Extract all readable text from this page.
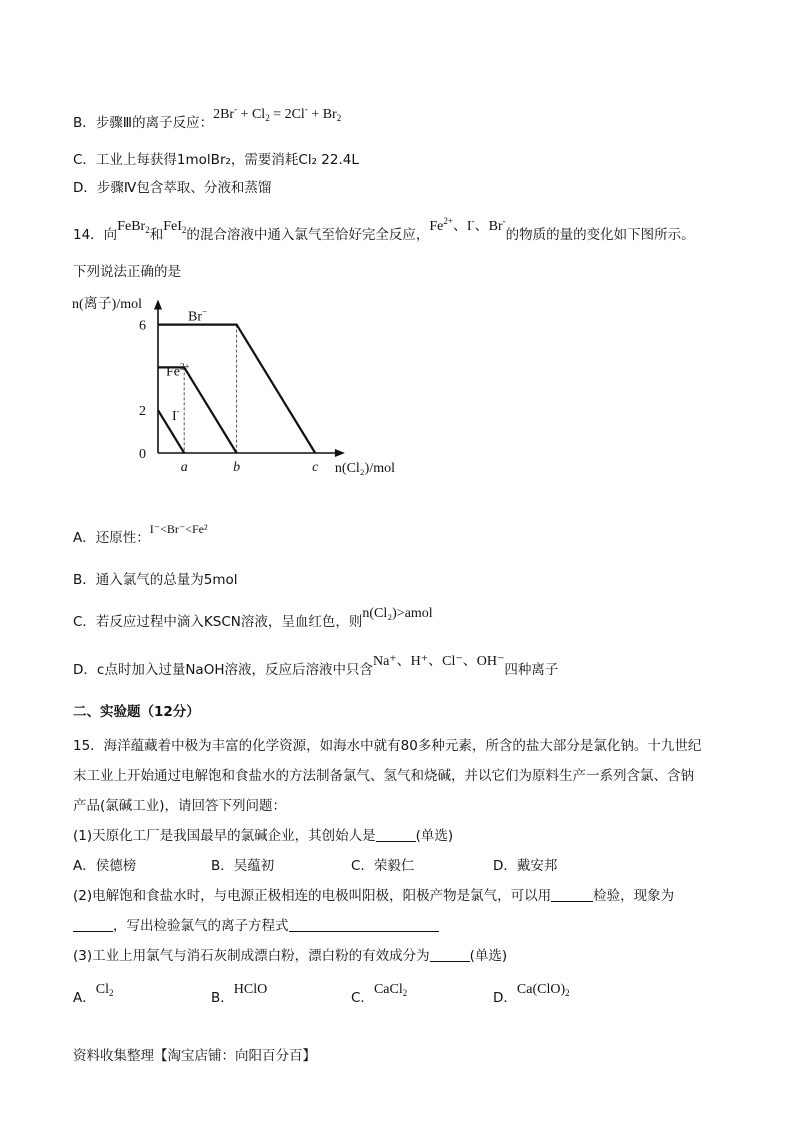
B．步骤Ⅲ的离子反应：$2Br^- + Cl_2 = 2Cl^- + Br_2$
C．工业上每获得1molBr₂，需要消耗Cl₂ 22.4L
D．步骤Ⅳ包含萃取、分液和蒸馏
14．向FeBr$_2$和FeI$_2$的混合溶液中通入氯气至恰好完全反应，$Fe^{2+}$、I-、Br-的物质的量的变化如下图所示。
下列说法正确的是
n(离子)/mol
n(Cl₂)/mol
0
2
6
a	b	c
I-
$Fe^{2+}$
Br−
A．还原性：I⁻<Br⁻<Fe²
B．通入氯气的总量为5mol
C．若反应过程中滴入KSCN溶液，呈血红色，则n(Cl₂)>amol
D．c点时加入过量NaOH溶液，反应后溶液中只含Na⁺、H⁺、Cl⁻、OH⁻四种离子
二、实验题（12分）
15．海洋蕴藏着中极为丰富的化学资源，如海水中就有80多种元素，所含的盐大部分是氯化钠。十九世纪
末工业上开始通过电解饱和食盐水的方法制备氯气、氢气和烧碱，并以它们为原料生产一系列含氯、含钠
产品(氯碱工业)，请回答下列问题：
(1)天原化工厂是我国最早的氯碱企业，其创始人是	(单选)
A．侯德榜	B．吴蕴初	C．荣毅仁	D．戴安邦
(2)电解饱和食盐水时，与电源正极相连的电极叫阳极，阳极产物是氯气，可以用	检验，现象为
，写出检验氯气的离子方程式
(3)工业上用氯气与消石灰制成漂白粉，漂白粉的有效成分为	(单选)
A．$Cl_2$	B．HClO
C．CaCl$_2$	D．$Ca(ClO)_2$
资料收集整理【淘宝店铺：向阳百分百】
